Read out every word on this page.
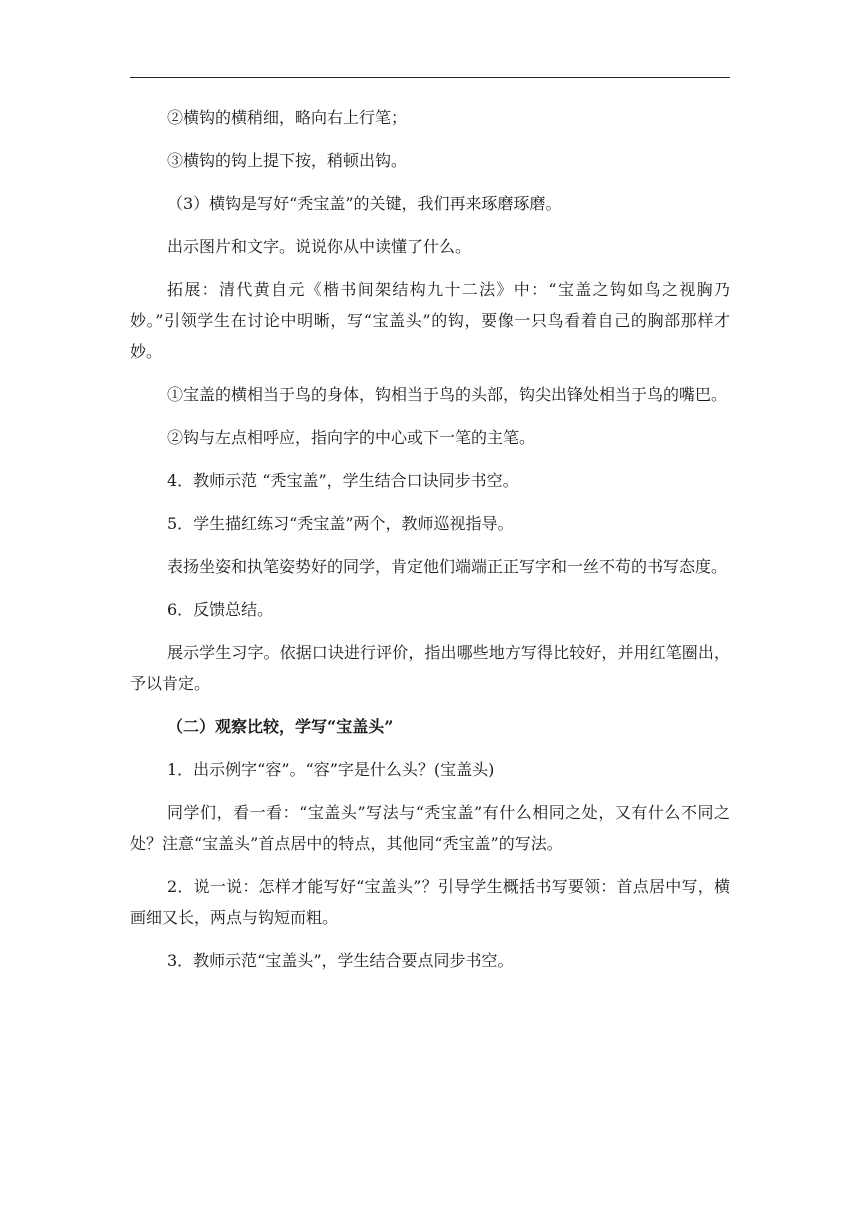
②横钩的横稍细，略向右上行笔；

③横钩的钩上提下按，稍顿出钩。

（3）横钩是写好“秃宝盖”的关键，我们再来琢磨琢磨。

出示图片和文字。说说你从中读懂了什么。

拓展：清代黄自元《楷书间架结构九十二法》中：“宝盖之钩如鸟之视胸乃妙。”引领学生在讨论中明晰，写“宝盖头”的钩，要像一只鸟看着自己的胸部那样才妙。

①宝盖的横相当于鸟的身体，钩相当于鸟的头部，钩尖出锋处相当于鸟的嘴巴。

②钩与左点相呼应，指向字的中心或下一笔的主笔。

4．教师示范 “秃宝盖”，学生结合口诀同步书空。

5．学生描红练习“秃宝盖”两个，教师巡视指导。

表扬坐姿和执笔姿势好的同学，肯定他们端端正正写字和一丝不苟的书写态度。

6．反馈总结。

展示学生习字。依据口诀进行评价，指出哪些地方写得比较好，并用红笔圈出，予以肯定。

（二）观察比较，学写“宝盖头”

1．出示例字“容”。“容”字是什么头？(宝盖头)

同学们，看一看：“宝盖头”写法与“秃宝盖”有什么相同之处，又有什么不同之处？注意“宝盖头”首点居中的特点，其他同“秃宝盖”的写法。

2．说一说：怎样才能写好“宝盖头”？引导学生概括书写要领：首点居中写，横画细又长，两点与钩短而粗。

3．教师示范“宝盖头”，学生结合要点同步书空。
